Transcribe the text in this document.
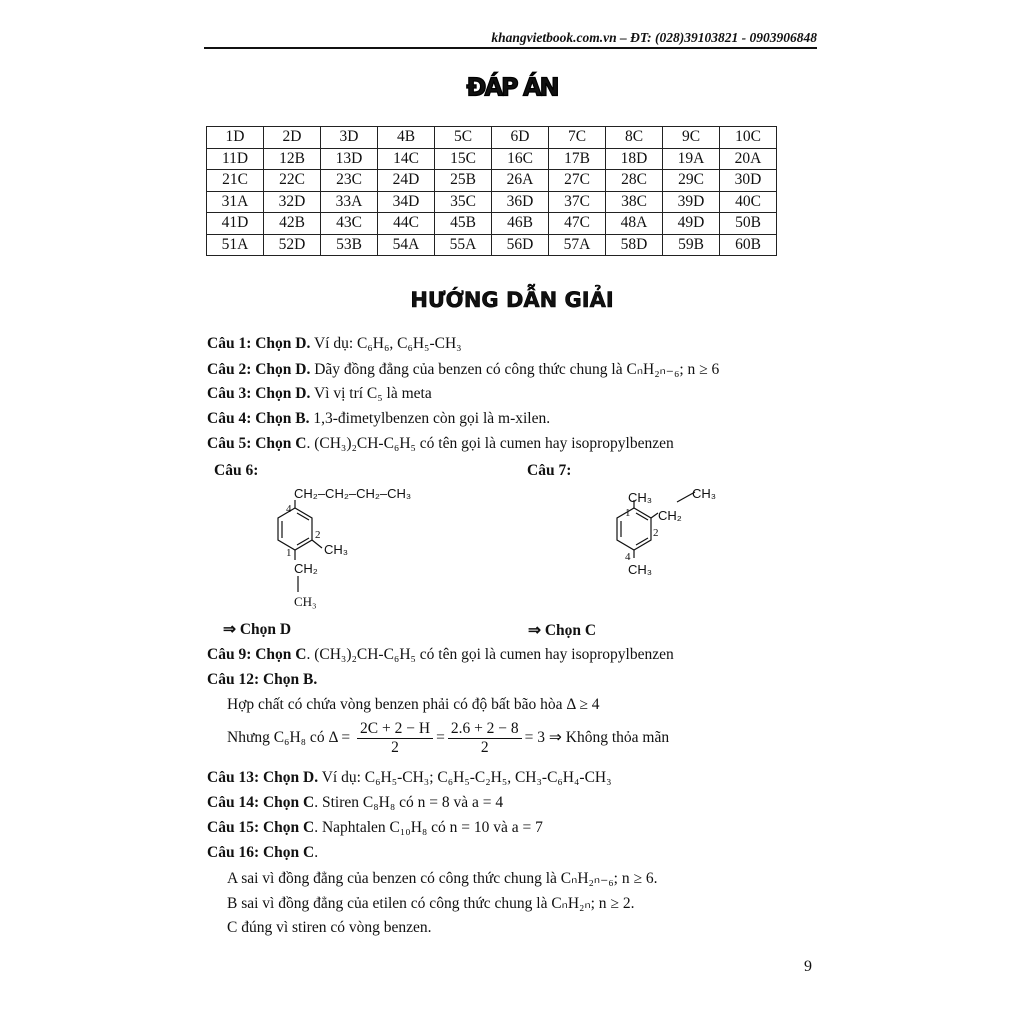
khangvietbook.com.vn – ĐT: (028)39103821 - 0903906848
ĐÁP ÁN
1D	2D	3D	4B	5C	6D	7C	8C	9C	10C
11D	12B	13D	14C	15C	16C	17B	18D	19A	20A
21C	22C	23C	24D	25B	26A	27C	28C	29C	30D
31A	32D	33A	34D	35C	36D	37C	38C	39D	40C
41D	42B	43C	44C	45B	46B	47C	48A	49D	50B
51A	52D	53B	54A	55A	56D	57A	58D	59B	60B
HƯỚNG DẪN GIẢI
Câu 1: Chọn D. Ví dụ: C₆H₆, C₆H₅-CH₃
Câu 2: Chọn D. Dãy đồng đẳng của benzen có công thức chung là CₙH₂ₙ₋₆; n ≥ 6
Câu 3: Chọn D. Vì vị trí C₅ là meta
Câu 4: Chọn B. 1,3-đimetylbenzen còn gọi là m-xilen.
Câu 5: Chọn C. (CH₃)₂CH-C₆H₅ có tên gọi là cumen hay isopropylbenzen
Câu 6:	Câu 7:
CH₂–CH₂–CH₂–CH₃
CH₃
CH₂
CH₃
4
2
1
CH₃
CH₂
CH₃
CH₃
1
2
4
⇒ Chọn D	⇒ Chọn C
Câu 9: Chọn C. (CH₃)₂CH-C₆H₅ có tên gọi là cumen hay isopropylbenzen
Câu 12: Chọn B.
Hợp chất có chứa vòng benzen phải có độ bất bão hòa Δ ≥ 4
Nhưng C₆H₈ có $\Delta = \frac{2C + 2 - H}{2} = \frac{2.6 + 2 - 8}{2} = 3$ ⇒ Không thỏa mãn
Câu 13: Chọn D. Ví dụ: C₆H₅-CH₃; C₆H₅-C₂H₅, CH₃-C₆H₄-CH₃
Câu 14: Chọn C. Stiren C₈H₈ có n = 8 và a = 4
Câu 15: Chọn C. Naphtalen C₁₀H₈ có n = 10 và a = 7
Câu 16: Chọn C.
A sai vì đồng đẳng của benzen có công thức chung là CₙH₂ₙ₋₆; n ≥ 6.
B sai vì đồng đẳng của etilen có công thức chung là CₙH₂ₙ; n ≥ 2.
C đúng vì stiren có vòng benzen.
9
